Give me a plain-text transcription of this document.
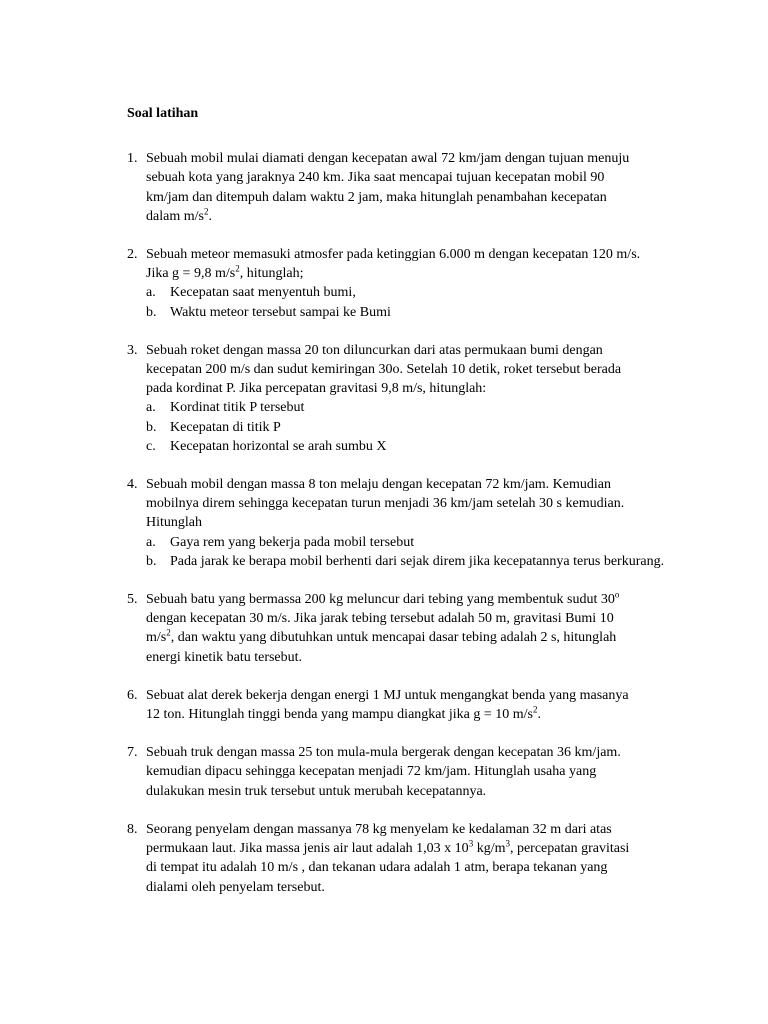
Soal latihan
1. Sebuah mobil mulai diamati dengan kecepatan awal 72 km/jam dengan tujuan menuju

sebuah kota yang jaraknya 240 km. Jika saat mencapai tujuan kecepatan mobil 90

km/jam dan ditempuh dalam waktu 2 jam, maka hitunglah penambahan kecepatan

dalam $m/s^2$.

2. Sebuah meteor memasuki atmosfer pada ketinggian 6.000 m dengan kecepatan 120 m/s.

Jika g = 9,8 $m/s^2$, hitunglah;

a. Kecepatan saat menyentuh bumi,
b. Waktu meteor tersebut sampai ke Bumi
3. Sebuah roket dengan massa 20 ton diluncurkan dari atas permukaan bumi dengan

kecepatan 200 m/s dan sudut kemiringan 30o. Setelah 10 detik, roket tersebut berada

pada kordinat P. Jika percepatan gravitasi 9,8 m/s, hitunglah:

a. Kordinat titik P tersebut
b. Kecepatan di titik P
c. Kecepatan horizontal se arah sumbu X
4. Sebuah mobil dengan massa 8 ton melaju dengan kecepatan 72 km/jam. Kemudian

mobilnya direm sehingga kecepatan turun menjadi 36 km/jam setelah 30 s kemudian.

Hitunglah

a. Gaya rem yang bekerja pada mobil tersebut
b. Pada jarak ke berapa mobil berhenti dari sejak direm jika kecepatannya terus berkurang.
5. Sebuah batu yang bermassa 200 kg meluncur dari tebing yang membentuk sudut 30$^o$

dengan kecepatan 30 m/s. Jika jarak tebing tersebut adalah 50 m, gravitasi Bumi 10

$m/s^2$, dan waktu yang dibutuhkan untuk mencapai dasar tebing adalah 2 s, hitunglah

energi kinetik batu tersebut.

6. Sebuat alat derek bekerja dengan energi 1 MJ untuk mengangkat benda yang masanya

12 ton. Hitunglah tinggi benda yang mampu diangkat jika g = 10 $m/s^2$.

7. Sebuah truk dengan massa 25 ton mula-mula bergerak dengan kecepatan 36 km/jam.

kemudian dipacu sehingga kecepatan menjadi 72 km/jam. Hitunglah usaha yang

dulakukan mesin truk tersebut untuk merubah kecepatannya.

8. Seorang penyelam dengan massanya 78 kg menyelam ke kedalaman 32 m dari atas

permukaan laut. Jika massa jenis air laut adalah 1,03 x $10^3$ $kg/m^3$, percepatan gravitasi

di tempat itu adalah 10 m/s , dan tekanan udara adalah 1 atm, berapa tekanan yang

dialami oleh penyelam tersebut.
